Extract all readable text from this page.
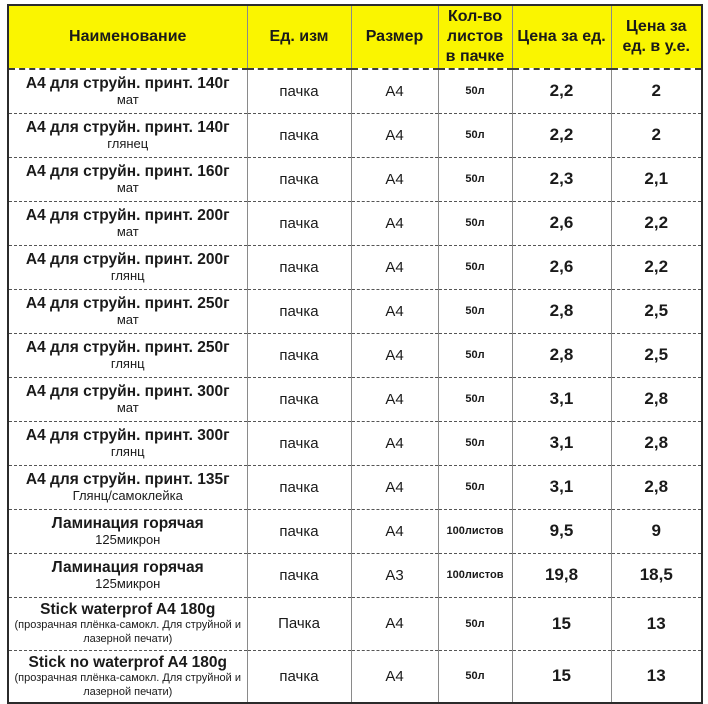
Наименование	Ед. изм	Размер	Кол-во листов в пачке	Цена за ед.	Цена за ед. в у.е.

А4 для струйн. принт. 140г
мат	пачка	А4	50л	2,2	2

А4 для струйн. принт. 140г
глянец	пачка	А4	50л	2,2	2

А4 для струйн. принт. 160г
мат	пачка	А4	50л	2,3	2,1

А4 для струйн. принт. 200г
мат	пачка	А4	50л	2,6	2,2

А4 для струйн. принт. 200г
глянц	пачка	А4	50л	2,6	2,2

А4 для струйн. принт. 250г
мат	пачка	А4	50л	2,8	2,5

А4 для струйн. принт. 250г
глянц	пачка	А4	50л	2,8	2,5

А4 для струйн. принт. 300г
мат	пачка	А4	50л	3,1	2,8

А4 для струйн. принт. 300г
глянц	пачка	А4	50л	3,1	2,8

А4 для струйн. принт. 135г
Глянц/самоклейка	пачка	А4	50л	3,1	2,8

Ламинация горячая
125микрон	пачка	А4	100листов	9,5	9

Ламинация горячая
125микрон	пачка	А3	100листов	19,8	18,5

Stick waterprof A4 180g
(прозрачная плёнка-самокл. Для струйной и лазерной печати)	Пачка	А4	50л	15	13

Stick no waterprof A4 180g
(прозрачная плёнка-самокл. Для струйной и лазерной печати)	пачка	А4	50л	15	13
